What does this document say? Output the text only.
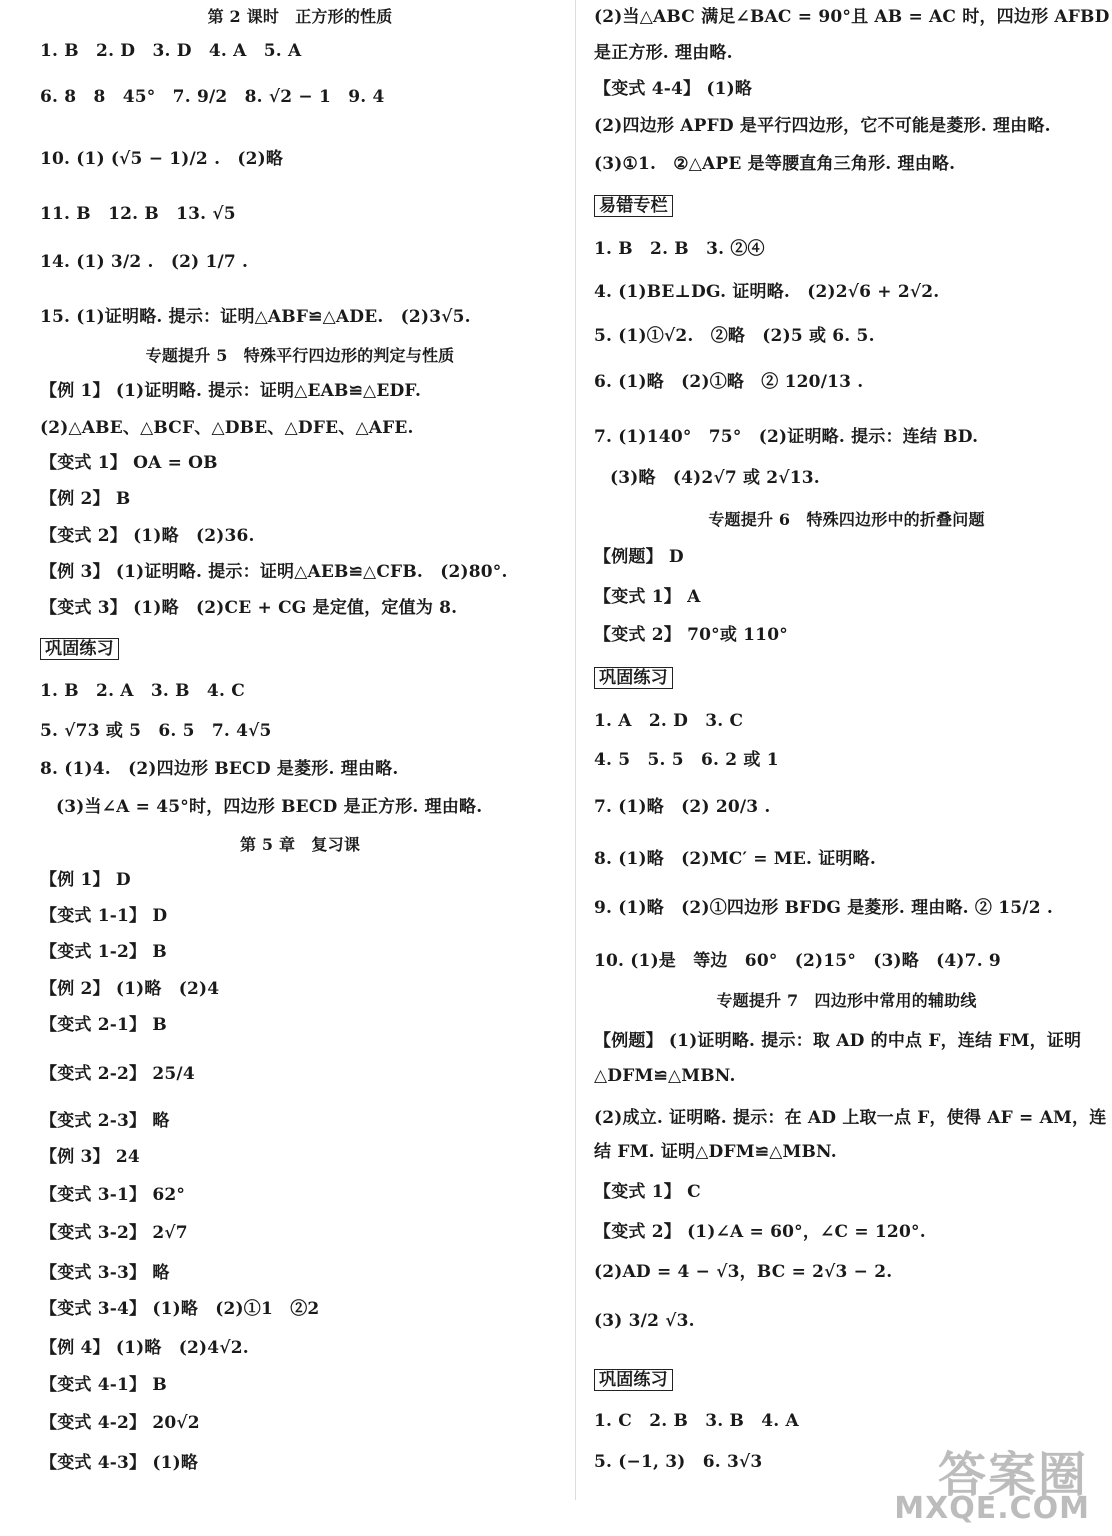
第 2 课时　正方形的性质
1. B　2. D　3. D　4. A　5. A
6. 8　8　45°　7. 9/2　8. √2 − 1　9. 4
10. (1) (√5 − 1)/2 .　(2)略
11. B　12. B　13. √5
14. (1) 3/2 .　(2) 1/7 .
15. (1)证明略. 提示：证明△ABF≌△ADE.　(2)3√5.
专题提升 5　特殊平行四边形的判定与性质
【例 1】 (1)证明略. 提示：证明△EAB≌△EDF.
(2)△ABE、△BCF、△DBE、△DFE、△AFE.
【变式 1】 OA = OB
【例 2】 B
【变式 2】 (1)略　(2)36.
【例 3】 (1)证明略. 提示：证明△AEB≌△CFB.　(2)80°.
【变式 3】 (1)略　(2)CE + CG 是定值，定值为 8.
巩固练习
1. B　2. A　3. B　4. C
5. √73 或 5　6. 5　7. 4√5
8. (1)4.　(2)四边形 BECD 是菱形. 理由略.
(3)当∠A = 45°时，四边形 BECD 是正方形. 理由略.
第 5 章　复习课
【例 1】 D
【变式 1-1】 D
【变式 1-2】 B
【例 2】 (1)略　(2)4
【变式 2-1】 B
【变式 2-2】 25/4
【变式 2-3】 略
【例 3】 24
【变式 3-1】 62°
【变式 3-2】 2√7
【变式 3-3】 略
【变式 3-4】 (1)略　(2)①1　②2
【例 4】 (1)略　(2)4√2.
【变式 4-1】 B
【变式 4-2】 20√2
【变式 4-3】 (1)略
(2)当△ABC 满足∠BAC = 90°且 AB = AC 时，四边形 AFBD
是正方形. 理由略.
【变式 4-4】 (1)略
(2)四边形 APFD 是平行四边形，它不可能是菱形. 理由略.
(3)①1.　②△APE 是等腰直角三角形. 理由略.
易错专栏
1. B　2. B　3. ②④
4. (1)BE⊥DG. 证明略.　(2)2√6 + 2√2.
5. (1)①√2.　②略　(2)5 或 6. 5.
6. (1)略　(2)①略　② 120/13 .
7. (1)140°　75°　(2)证明略. 提示：连结 BD.
(3)略　(4)2√7 或 2√13.
专题提升 6　特殊四边形中的折叠问题
【例题】 D
【变式 1】 A
【变式 2】 70°或 110°
巩固练习
1. A　2. D　3. C
4. 5　5. 5　6. 2 或 1
7. (1)略　(2) 20/3 .
8. (1)略　(2)MC′ = ME. 证明略.
9. (1)略　(2)①四边形 BFDG 是菱形. 理由略. ② 15/2 .
10. (1)是　等边　60°　(2)15°　(3)略　(4)7. 9
专题提升 7　四边形中常用的辅助线
【例题】 (1)证明略. 提示：取 AD 的中点 F，连结 FM，证明
△DFM≌△MBN.
(2)成立. 证明略. 提示：在 AD 上取一点 F，使得 AF = AM，连
结 FM. 证明△DFM≌△MBN.
【变式 1】 C
【变式 2】 (1)∠A = 60°，∠C = 120°.
(2)AD = 4 − √3，BC = 2√3 − 2.
(3) 3/2 √3.
巩固练习
1. C　2. B　3. B　4. A
5. (−1, 3)　6. 3√3	答案圈
MXQE.COM
